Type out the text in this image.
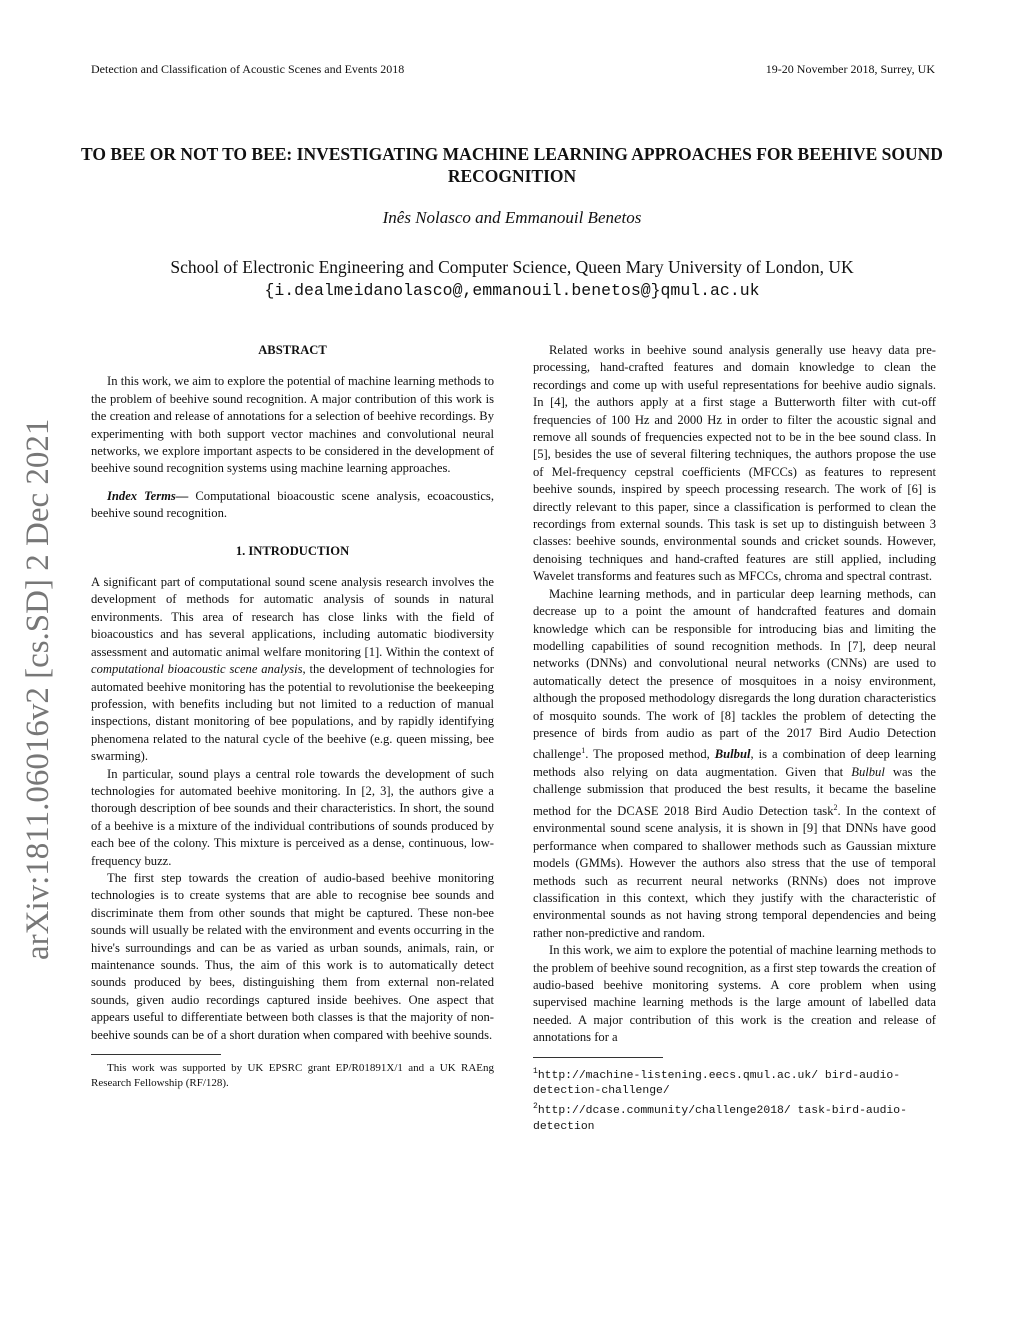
Detection and Classification of Acoustic Scenes and Events 2018	19-20 November 2018, Surrey, UK
TO BEE OR NOT TO BEE: INVESTIGATING MACHINE LEARNING APPROACHES FOR BEEHIVE SOUND RECOGNITION
Inês Nolasco and Emmanouil Benetos
School of Electronic Engineering and Computer Science, Queen Mary University of London, UK
{i.dealmeidanolasco@,emmanouil.benetos@}qmul.ac.uk
arXiv:1811.06016v2 [cs.SD] 2 Dec 2021
ABSTRACT

In this work, we aim to explore the potential of machine learning methods to the problem of beehive sound recognition. A major contribution of this work is the creation and release of annotations for a selection of beehive recordings. By experimenting with both support vector machines and convolutional neural networks, we explore important aspects to be considered in the development of beehive sound recognition systems using machine learning approaches.

Index Terms— Computational bioacoustic scene analysis, ecoacoustics, beehive sound recognition.

1. INTRODUCTION

A significant part of computational sound scene analysis research involves the development of methods for automatic analysis of sounds in natural environments. This area of research has close links with the field of bioacoustics and has several applications, including automatic biodiversity assessment and automatic animal welfare monitoring [1]. Within the context of computational bioacoustic scene analysis, the development of technologies for automated beehive monitoring has the potential to revolutionise the beekeeping profession, with benefits including but not limited to a reduction of manual inspections, distant monitoring of bee populations, and by rapidly identifying phenomena related to the natural cycle of the beehive (e.g. queen missing, bee swarming).

In particular, sound plays a central role towards the development of such technologies for automated beehive monitoring. In [2, 3], the authors give a thorough description of bee sounds and their characteristics. In short, the sound of a beehive is a mixture of the individual contributions of sounds produced by each bee of the colony. This mixture is perceived as a dense, continuous, low-frequency buzz.

The first step towards the creation of audio-based beehive monitoring technologies is to create systems that are able to recognise bee sounds and discriminate them from other sounds that might be captured. These non-bee sounds will usually be related with the environment and events occurring in the hive's surroundings and can be as varied as urban sounds, animals, rain, or maintenance sounds. Thus, the aim of this work is to automatically detect sounds produced by bees, distinguishing them from external non-related sounds, given audio recordings captured inside beehives. One aspect that appears useful to differentiate between both classes is that the majority of non-beehive sounds can be of a short duration when compared with beehive sounds.

This work was supported by UK EPSRC grant EP/R01891X/1 and a UK RAEng Research Fellowship (RF/128).

Related works in beehive sound analysis generally use heavy data pre-processing, hand-crafted features and domain knowledge to clean the recordings and come up with useful representations for beehive audio signals. In [4], the authors apply at a first stage a Butterworth filter with cut-off frequencies of 100 Hz and 2000 Hz in order to filter the acoustic signal and remove all sounds of frequencies expected not to be in the bee sound class. In [5], besides the use of several filtering techniques, the authors propose the use of Mel-frequency cepstral coefficients (MFCCs) as features to represent beehive sounds, inspired by speech processing research. The work of [6] is directly relevant to this paper, since a classification is performed to clean the recordings from external sounds. This task is set up to distinguish between 3 classes: beehive sounds, environmental sounds and cricket sounds. However, denoising techniques and hand-crafted features are still applied, including Wavelet transforms and features such as MFCCs, chroma and spectral contrast.

Machine learning methods, and in particular deep learning methods, can decrease up to a point the amount of handcrafted features and domain knowledge which can be responsible for introducing bias and limiting the modelling capabilities of sound recognition methods. In [7], deep neural networks (DNNs) and convolutional neural networks (CNNs) are used to automatically detect the presence of mosquitoes in a noisy environment, although the proposed methodology disregards the long duration characteristics of mosquito sounds. The work of [8] tackles the problem of detecting the presence of birds from audio as part of the 2017 Bird Audio Detection challenge$^1$. The proposed method, Bulbul, is a combination of deep learning methods also relying on data augmentation. Given that Bulbul was the challenge submission that produced the best results, it became the baseline method for the DCASE 2018 Bird Audio Detection task$^2$. In the context of environmental sound scene analysis, it is shown in [9] that DNNs have good performance when compared to shallower methods such as Gaussian mixture models (GMMs). However the authors also stress that the use of temporal methods such as recurrent neural networks (RNNs) does not improve classification in this context, which they justify with the characteristic of environmental sounds as not having strong temporal dependencies and being rather non-predictive and random.

In this work, we aim to explore the potential of machine learning methods to the problem of beehive sound recognition, as a first step towards the creation of audio-based beehive monitoring systems. A core problem when using supervised machine learning methods is the large amount of labelled data needed. A major contribution of this work is the creation and release of annotations for a

$^1$http://machine-listening.eecs.qmul.ac.uk/ bird-audio-detection-challenge/
$^2$http://dcase.community/challenge2018/ task-bird-audio-detection
